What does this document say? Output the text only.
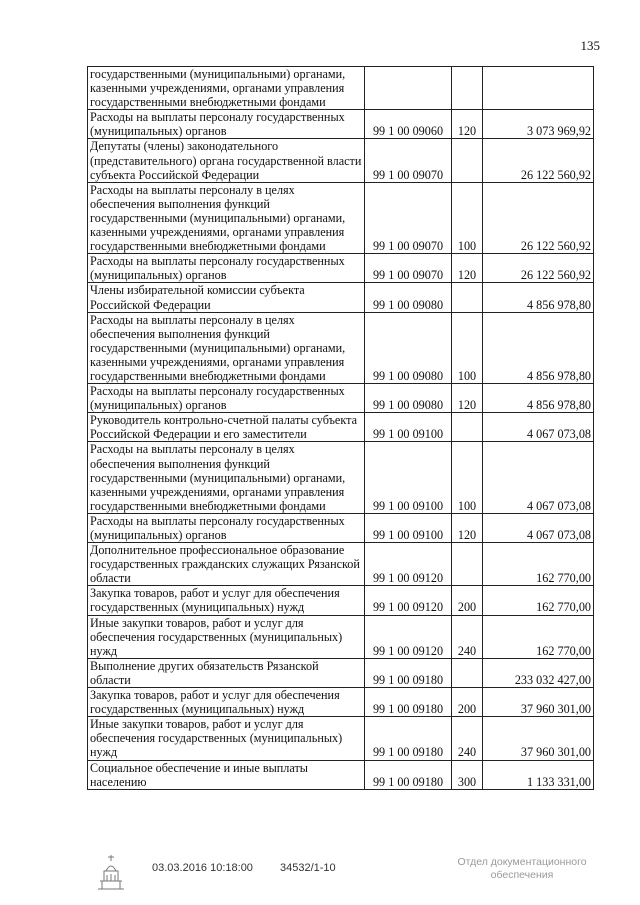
135
государственными (муниципальными) органами, казенными учреждениями, органами управления государственными внебюджетными фондами			
Расходы на выплаты персоналу государственных (муниципальных) органов	99 1 00 09060	120	3 073 969,92
Депутаты (члены) законодательного (представительного) органа государственной власти субъекта Российской Федерации	99 1 00 09070		26 122 560,92
Расходы на выплаты персоналу в целях обеспечения выполнения функций государственными (муниципальными) органами, казенными учреждениями, органами управления государственными внебюджетными фондами	99 1 00 09070	100	26 122 560,92
Расходы на выплаты персоналу государственных (муниципальных) органов	99 1 00 09070	120	26 122 560,92
Члены избирательной комиссии субъекта Российской Федерации	99 1 00 09080		4 856 978,80
Расходы на выплаты персоналу в целях обеспечения выполнения функций государственными (муниципальными) органами, казенными учреждениями, органами управления государственными внебюджетными фондами	99 1 00 09080	100	4 856 978,80
Расходы на выплаты персоналу государственных (муниципальных) органов	99 1 00 09080	120	4 856 978,80
Руководитель контрольно-счетной палаты субъекта Российской Федерации и его заместители	99 1 00 09100		4 067 073,08
Расходы на выплаты персоналу в целях обеспечения выполнения функций государственными (муниципальными) органами, казенными учреждениями, органами управления государственными внебюджетными фондами	99 1 00 09100	100	4 067 073,08
Расходы на выплаты персоналу государственных (муниципальных) органов	99 1 00 09100	120	4 067 073,08
Дополнительное профессиональное образование государственных гражданских служащих Рязанской области	99 1 00 09120		162 770,00
Закупка товаров, работ и услуг для обеспечения государственных (муниципальных) нужд	99 1 00 09120	200	162 770,00
Иные закупки товаров, работ и услуг для обеспечения государственных (муниципальных) нужд	99 1 00 09120	240	162 770,00
Выполнение других обязательств Рязанской области	99 1 00 09180		233 032 427,00
Закупка товаров, работ и услуг для обеспечения государственных (муниципальных) нужд	99 1 00 09180	200	37 960 301,00
Иные закупки товаров, работ и услуг для обеспечения государственных (муниципальных) нужд	99 1 00 09180	240	37 960 301,00
Социальное обеспечение и иные выплаты населению	99 1 00 09180	300	1 133 331,00
03.03.2016 10:18:00 34532/1-10	Отдел документационного
обеспечения
